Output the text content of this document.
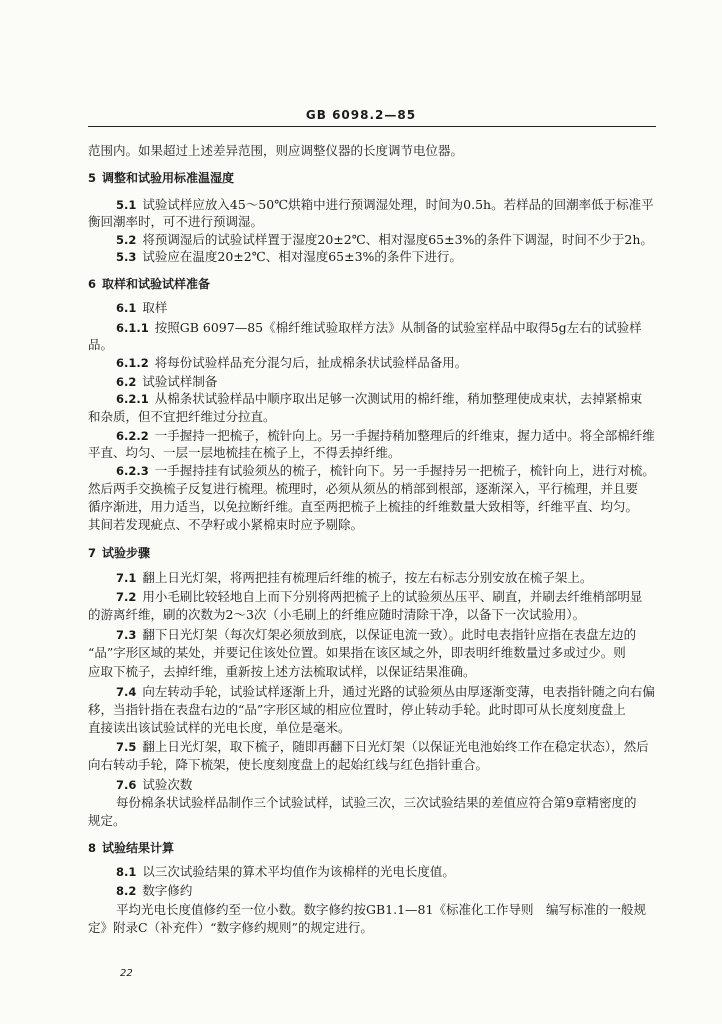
GB 6098.2—85
范围内。如果超过上述差异范围，则应调整仪器的长度调节电位器。
5 调整和试验用标准温湿度
5.1 试验试样应放入45～50℃烘箱中进行预调湿处理，时间为0.5h。若样品的回潮率低于标准平
衡回潮率时，可不进行预调湿。
5.2 将预调湿后的试验试样置于湿度20±2℃、相对湿度65±3%的条件下调湿，时间不少于2h。
5.3 试验应在温度20±2℃、相对湿度65±3%的条件下进行。
6 取样和试验试样准备
6.1 取样
6.1.1 按照GB 6097—85《棉纤维试验取样方法》从制备的试验室样品中取得5g左右的试验样
品。
6.1.2 将每份试验样品充分混匀后，扯成棉条状试验样品备用。
6.2 试验试样制备
6.2.1 从棉条状试验样品中顺序取出足够一次测试用的棉纤维，稍加整理使成束状，去掉紧棉束
和杂质，但不宜把纤维过分拉直。
6.2.2 一手握持一把梳子，梳针向上。另一手握持稍加整理后的纤维束，握力适中。将全部棉纤维
平直、均匀、一层一层地梳挂在梳子上，不得丢掉纤维。
6.2.3 一手握持挂有试验须丛的梳子，梳针向下。另一手握持另一把梳子，梳针向上，进行对梳。
然后两手交换梳子反复进行梳理。梳理时，必须从须丛的梢部到根部，逐渐深入，平行梳理，并且要
循序渐进，用力适当，以免拉断纤维。直至两把梳子上梳挂的纤维数量大致相等，纤维平直、均匀。
其间若发现疵点、不孕籽或小紧棉束时应予剔除。
7 试验步骤
7.1 翻上日光灯架，将两把挂有梳理后纤维的梳子，按左右标志分别安放在梳子架上。
7.2 用小毛刷比较轻地自上而下分别将两把梳子上的试验须丛压平、刷直，并刷去纤维梢部明显
的游离纤维，刷的次数为2～3次（小毛刷上的纤维应随时清除干净，以备下一次试验用）。
7.3 翻下日光灯架（每次灯架必须放到底，以保证电流一致）。此时电表指针应指在表盘左边的
“品”字形区域的某处，并要记住该处位置。如果指在该区域之外，即表明纤维数量过多或过少。则
应取下梳子，去掉纤维，重新按上述方法梳取试样，以保证结果准确。
7.4 向左转动手轮，试验试样逐渐上升，通过光路的试验须丛由厚逐渐变薄，电表指针随之向右偏
移，当指针指在表盘右边的“品”字形区域的相应位置时，停止转动手轮。此时即可从长度刻度盘上
直接读出该试验试样的光电长度，单位是毫米。
7.5 翻上日光灯架，取下梳子，随即再翻下日光灯架（以保证光电池始终工作在稳定状态），然后
向右转动手轮，降下梳架，使长度刻度盘上的起始红线与红色指针重合。
7.6 试验次数
每份棉条状试验样品制作三个试验试样，试验三次，三次试验结果的差值应符合第9章精密度的
规定。
8 试验结果计算
8.1 以三次试验结果的算术平均值作为该棉样的光电长度值。
8.2 数字修约
平均光电长度值修约至一位小数。数字修约按GB1.1—81《标准化工作导则　编写标准的一般规
定》附录C（补充件）“数字修约规则”的规定进行。
22
